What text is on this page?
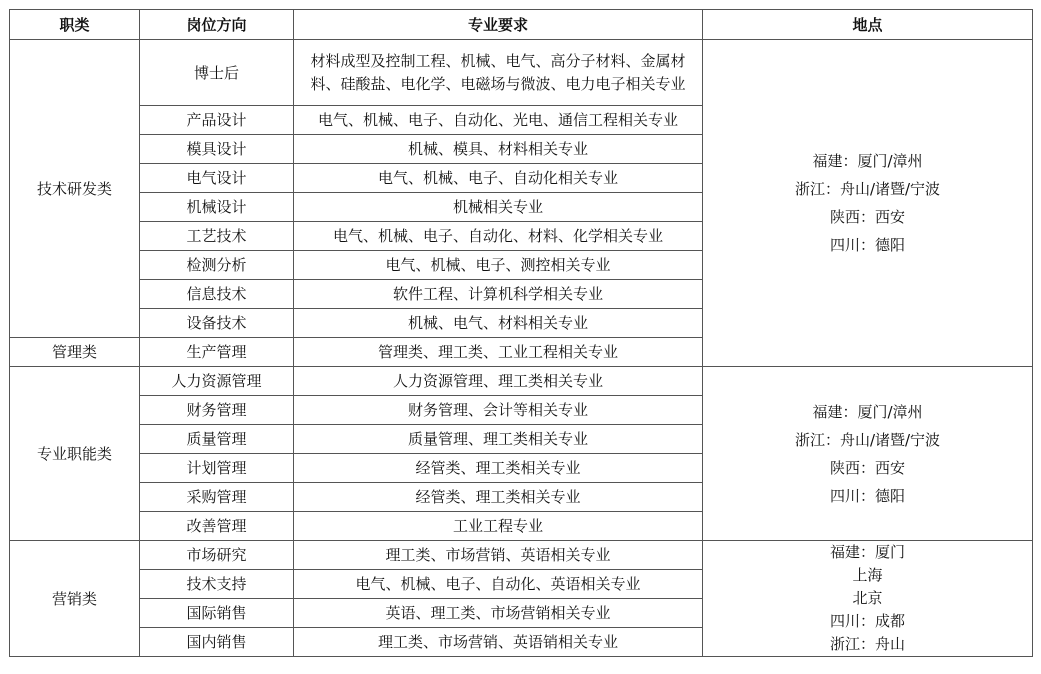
职类	岗位方向	专业要求	地点
技术研发类	博士后	材料成型及控制工程、机械、电气、高分子材料、金属材
料、硅酸盐、电化学、电磁场与微波、电力电子相关专业	福建：厦门/漳州
浙江：舟山/诸暨/宁波
陕西：西安
四川：德阳

	产品设计	电气、机械、电子、自动化、光电、通信工程相关专业	
	模具设计	机械、模具、材料相关专业	
	电气设计	电气、机械、电子、自动化相关专业	
	机械设计	机械相关专业	
	工艺技术	电气、机械、电子、自动化、材料、化学相关专业	
	检测分析	电气、机械、电子、测控相关专业	
	信息技术	软件工程、计算机科学相关专业	
	设备技术	机械、电气、材料相关专业	
管理类	生产管理	管理类、理工类、工业工程相关专业	
专业职能类	人力资源管理	人力资源管理、理工类相关专业	福建：厦门/漳州
浙江：舟山/诸暨/宁波
陕西：西安
四川：德阳

	财务管理	财务管理、会计等相关专业	
	质量管理	质量管理、理工类相关专业	
	计划管理	经管类、理工类相关专业	
	采购管理	经管类、理工类相关专业	
	改善管理	工业工程专业	
营销类	市场研究	理工类、市场营销、英语相关专业	福建：厦门
上海
北京
四川：成都
浙江：舟山

	技术支持	电气、机械、电子、自动化、英语相关专业	
	国际销售	英语、理工类、市场营销相关专业	
	国内销售	理工类、市场营销、英语销相关专业	
